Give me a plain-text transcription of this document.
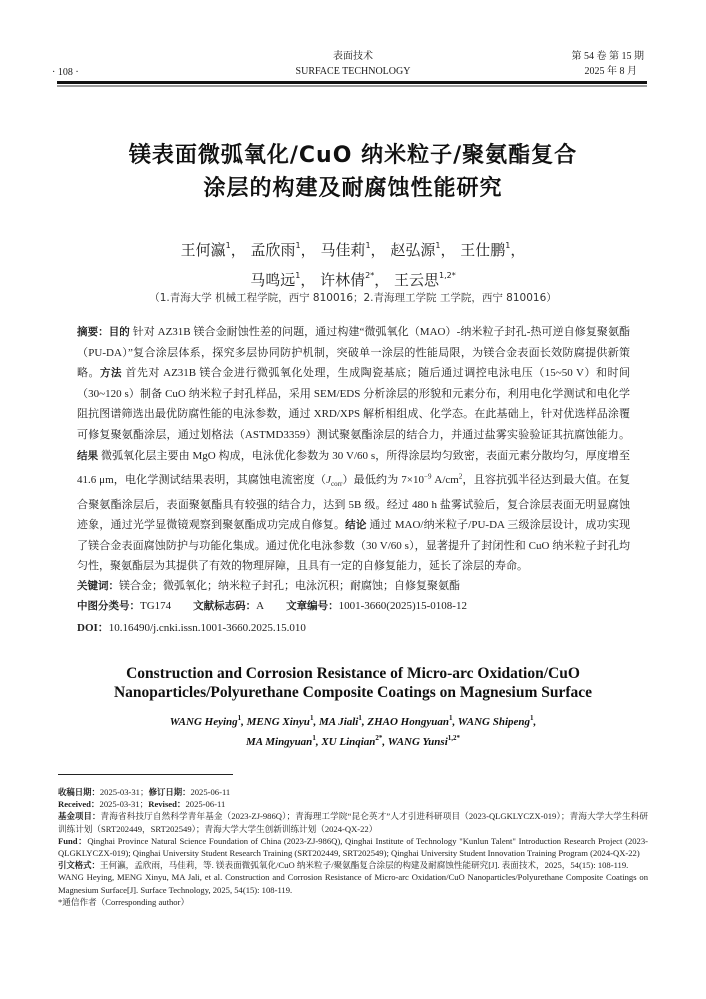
· 108 ·
表面技术
SURFACE TECHNOLOGY
第 54 卷 第 15 期
2025 年 8 月
镁表面微弧氧化/CuO 纳米粒子/聚氨酯复合
涂层的构建及耐腐蚀性能研究
王何瀛$^1$， 孟欣雨$^1$， 马佳莉$^1$， 赵弘源$^1$， 王仕鹏$^1$，
马鸣远$^1$， 许林倩$^{2*}$， 王云思$^{1,2*}$
（1.青海大学 机械工程学院，西宁 810016；2.青海理工学院 工学院，西宁 810016）
摘要：目的 针对 AZ31B 镁合金耐蚀性差的问题，通过构建“微弧氧化（MAO）-纳米粒子封孔-热可逆自修复聚氨酯（PU-DA）”复合涂层体系，探究多层协同防护机制，突破单一涂层的性能局限，为镁合金表面长效防腐提供新策略。方法 首先对 AZ31B 镁合金进行微弧氧化处理，生成陶瓷基底；随后通过调控电泳电压（15~50 V）和时间（30~120 s）制备 CuO 纳米粒子封孔样品，采用 SEM/EDS 分析涂层的形貌和元素分布，利用电化学测试和电化学阻抗图谱筛选出最优防腐性能的电泳参数，通过 XRD/XPS 解析相组成、化学态。在此基础上，针对优选样品涂覆可修复聚氨酯涂层，通过划格法（ASTMD3359）测试聚氨酯涂层的结合力，并通过盐雾实验验证其抗腐蚀能力。结果 微弧氧化层主要由 MgO 构成，电泳优化参数为 30 V/60 s，所得涂层均匀致密，表面元素分散均匀，厚度增至 41.6 μm，电化学测试结果表明，其腐蚀电流密度$(J_{corr})$最低约为 $7\times 10^{-9}$ $A/cm^2$，且容抗弧半径达到最大值。在复合聚氨酯涂层后，表面聚氨酯具有较强的结合力，达到 5B 级。经过 480 h 盐雾试验后，复合涂层表面无明显腐蚀迹象，通过光学显微镜观察到聚氨酯成功完成自修复。结论 通过 MAO/纳米粒子/PU-DA 三级涂层设计，成功实现了镁合金表面腐蚀防护与功能化集成。通过优化电泳参数（30 V/60 s），显著提升了封闭性和 CuO 纳米粒子封孔均匀性，聚氨酯层为其提供了有效的物理屏障，且具有一定的自修复能力，延长了涂层的寿命。
关键词：镁合金；微弧氧化；纳米粒子封孔；电泳沉积；耐腐蚀；自修复聚氨酯
中图分类号：TG174 文献标志码：A 文章编号：1001-3660(2025)15-0108-12
DOI：10.16490/j.cnki.issn.1001-3660.2025.15.010
Construction and Corrosion Resistance of Micro-arc Oxidation/CuO
Nanoparticles/Polyurethane Composite Coatings on Magnesium Surface
WANG Heying$^1$, MENG Xinyu$^1$, MA Jiali$^1$, ZHAO Hongyuan$^1$, WANG Shipeng$^1$,
MA Mingyuan$^1$, XU Linqian$^{2*}$, WANG Yunsi$^{1,2*}$

收稿日期：2025-03-31；修订日期：2025-06-11

Received：2025-03-31；Revised：2025-06-11

基金项目：青海省科技厅自然科学青年基金（2023-ZJ-986Q）；青海理工学院“昆仑英才”人才引进科研项目（2023-QLGKLYCZX-019）；青海大学大学生科研训练计划（SRT202449，SRT202549）；青海大学大学生创新训练计划（2024-QX-22）

Fund：Qinghai Province Natural Science Foundation of China (2023-ZJ-986Q), Qinghai Institute of Technology "Kunlun Talent" Introduction Research Project (2023-QLGKLYCZX-019); Qinghai University Student Research Training (SRT202449, SRT202549); Qinghai University Student Innovation Training Program (2024-QX-22)

引文格式：王何瀛，孟欣雨，马佳莉，等. 镁表面微弧氧化/CuO 纳米粒子/聚氨酯复合涂层的构建及耐腐蚀性能研究[J]. 表面技术，2025，54(15): 108-119.

WANG Heying, MENG Xinyu, MA Jali, et al. Construction and Corrosion Resistance of Micro-arc Oxidation/CuO Nanoparticles/Polyurethane Composite Coatings on Magnesium Surface[J]. Surface Technology, 2025, 54(15): 108-119.

*通信作者（Corresponding author）
